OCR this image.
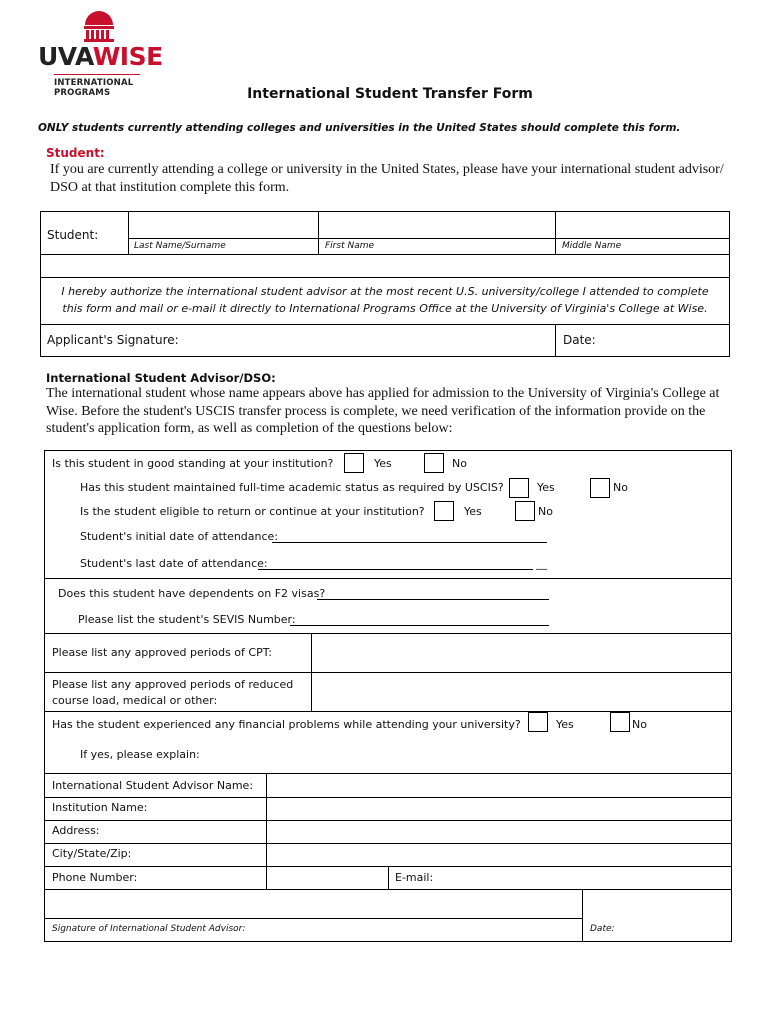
UVAWISE
INTERNATIONAL
PROGRAMS	International Student Transfer Form
ONLY students currently attending colleges and universities in the United States should complete this form.
Student:
If you are currently attending a college or university in the United States, please have your international student advisor/ DSO at that institution complete this form.
Student:
Last Name/Surname	First Name	Middle Name
I hereby authorize the international student advisor at the most recent U.S. university/college I attended to complete this form and mail or e-mail it directly to International Programs Office at the University of Virginia's College at Wise.
Applicant's Signature:	Date:
International Student Advisor/DSO:
The international student whose name appears above has applied for admission to the University of Virginia's College at Wise. Before the student's USCIS transfer process is complete, we need verification of the information provide on the student's application form, as well as completion of the questions below:
Is this student in good standing at your institution?	Yes	No
Has this student maintained full-time academic status as required by USCIS?	Yes	No
Is the student eligible to return or continue at your institution?	Yes	No
Student's initial date of attendance:
Student's last date of attendance:	__
Does this student have dependents on F2 visas?
Please list the student's SEVIS Number:
Please list any approved periods of CPT:
Please list any approved periods of reduced course load, medical or other:
Has the student experienced any financial problems while attending your university?	Yes	No
If yes, please explain:
International Student Advisor Name:
Institution Name:
Address:
City/State/Zip:
Phone Number:	E-mail:
Signature of International Student Advisor:	Date:
